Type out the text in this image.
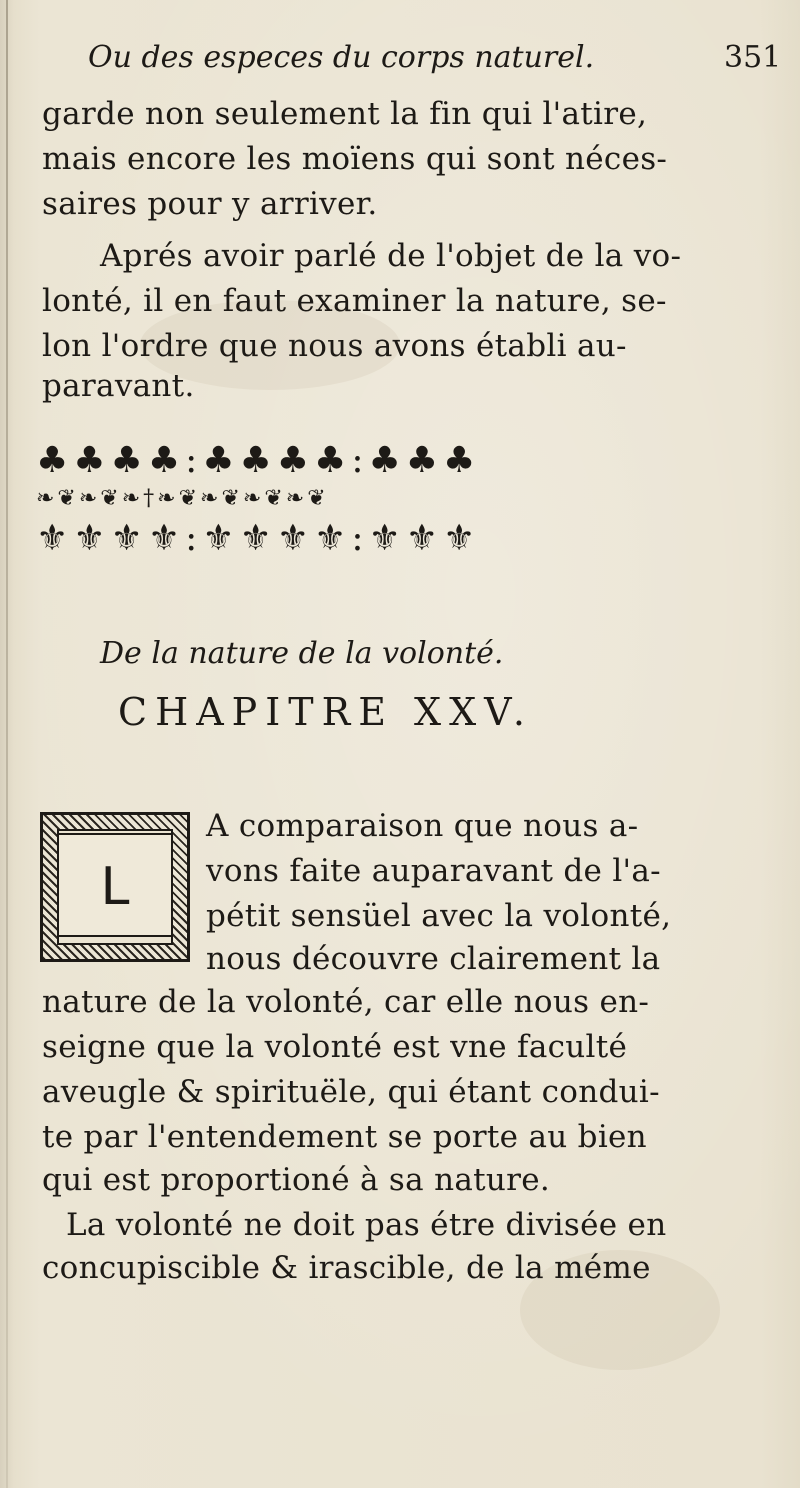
Ou des especes du corps naturel.	351
garde non seulement la fin qui l'atire,
mais encore les moïens qui sont néces-
saires pour y arriver.
Aprés avoir parlé de l'objet de la vo-
lonté, il en faut examiner la nature, se-
lon l'ordre que nous avons établi au-
paravant.
♣♣♣♣:♣♣♣♣:♣♣♣
❧❦❧❦❧†❧❦❧❦❧❦❧❦
⚜⚜⚜⚜:⚜⚜⚜⚜:⚜⚜⚜
De la nature de la volonté.
CHAPITRE XXV.
L
A comparaison que nous a-
vons faite auparavant de l'a-
pétit sensüel avec la volonté,
nous découvre clairement la
nature de la volonté, car elle nous en-
seigne que la volonté est vne faculté
aveugle & spirituële, qui étant condui-
te par l'entendement se porte au bien
qui est proportioné à sa nature.
La volonté ne doit pas étre divisée en
concupiscible & irascible, de la méme
